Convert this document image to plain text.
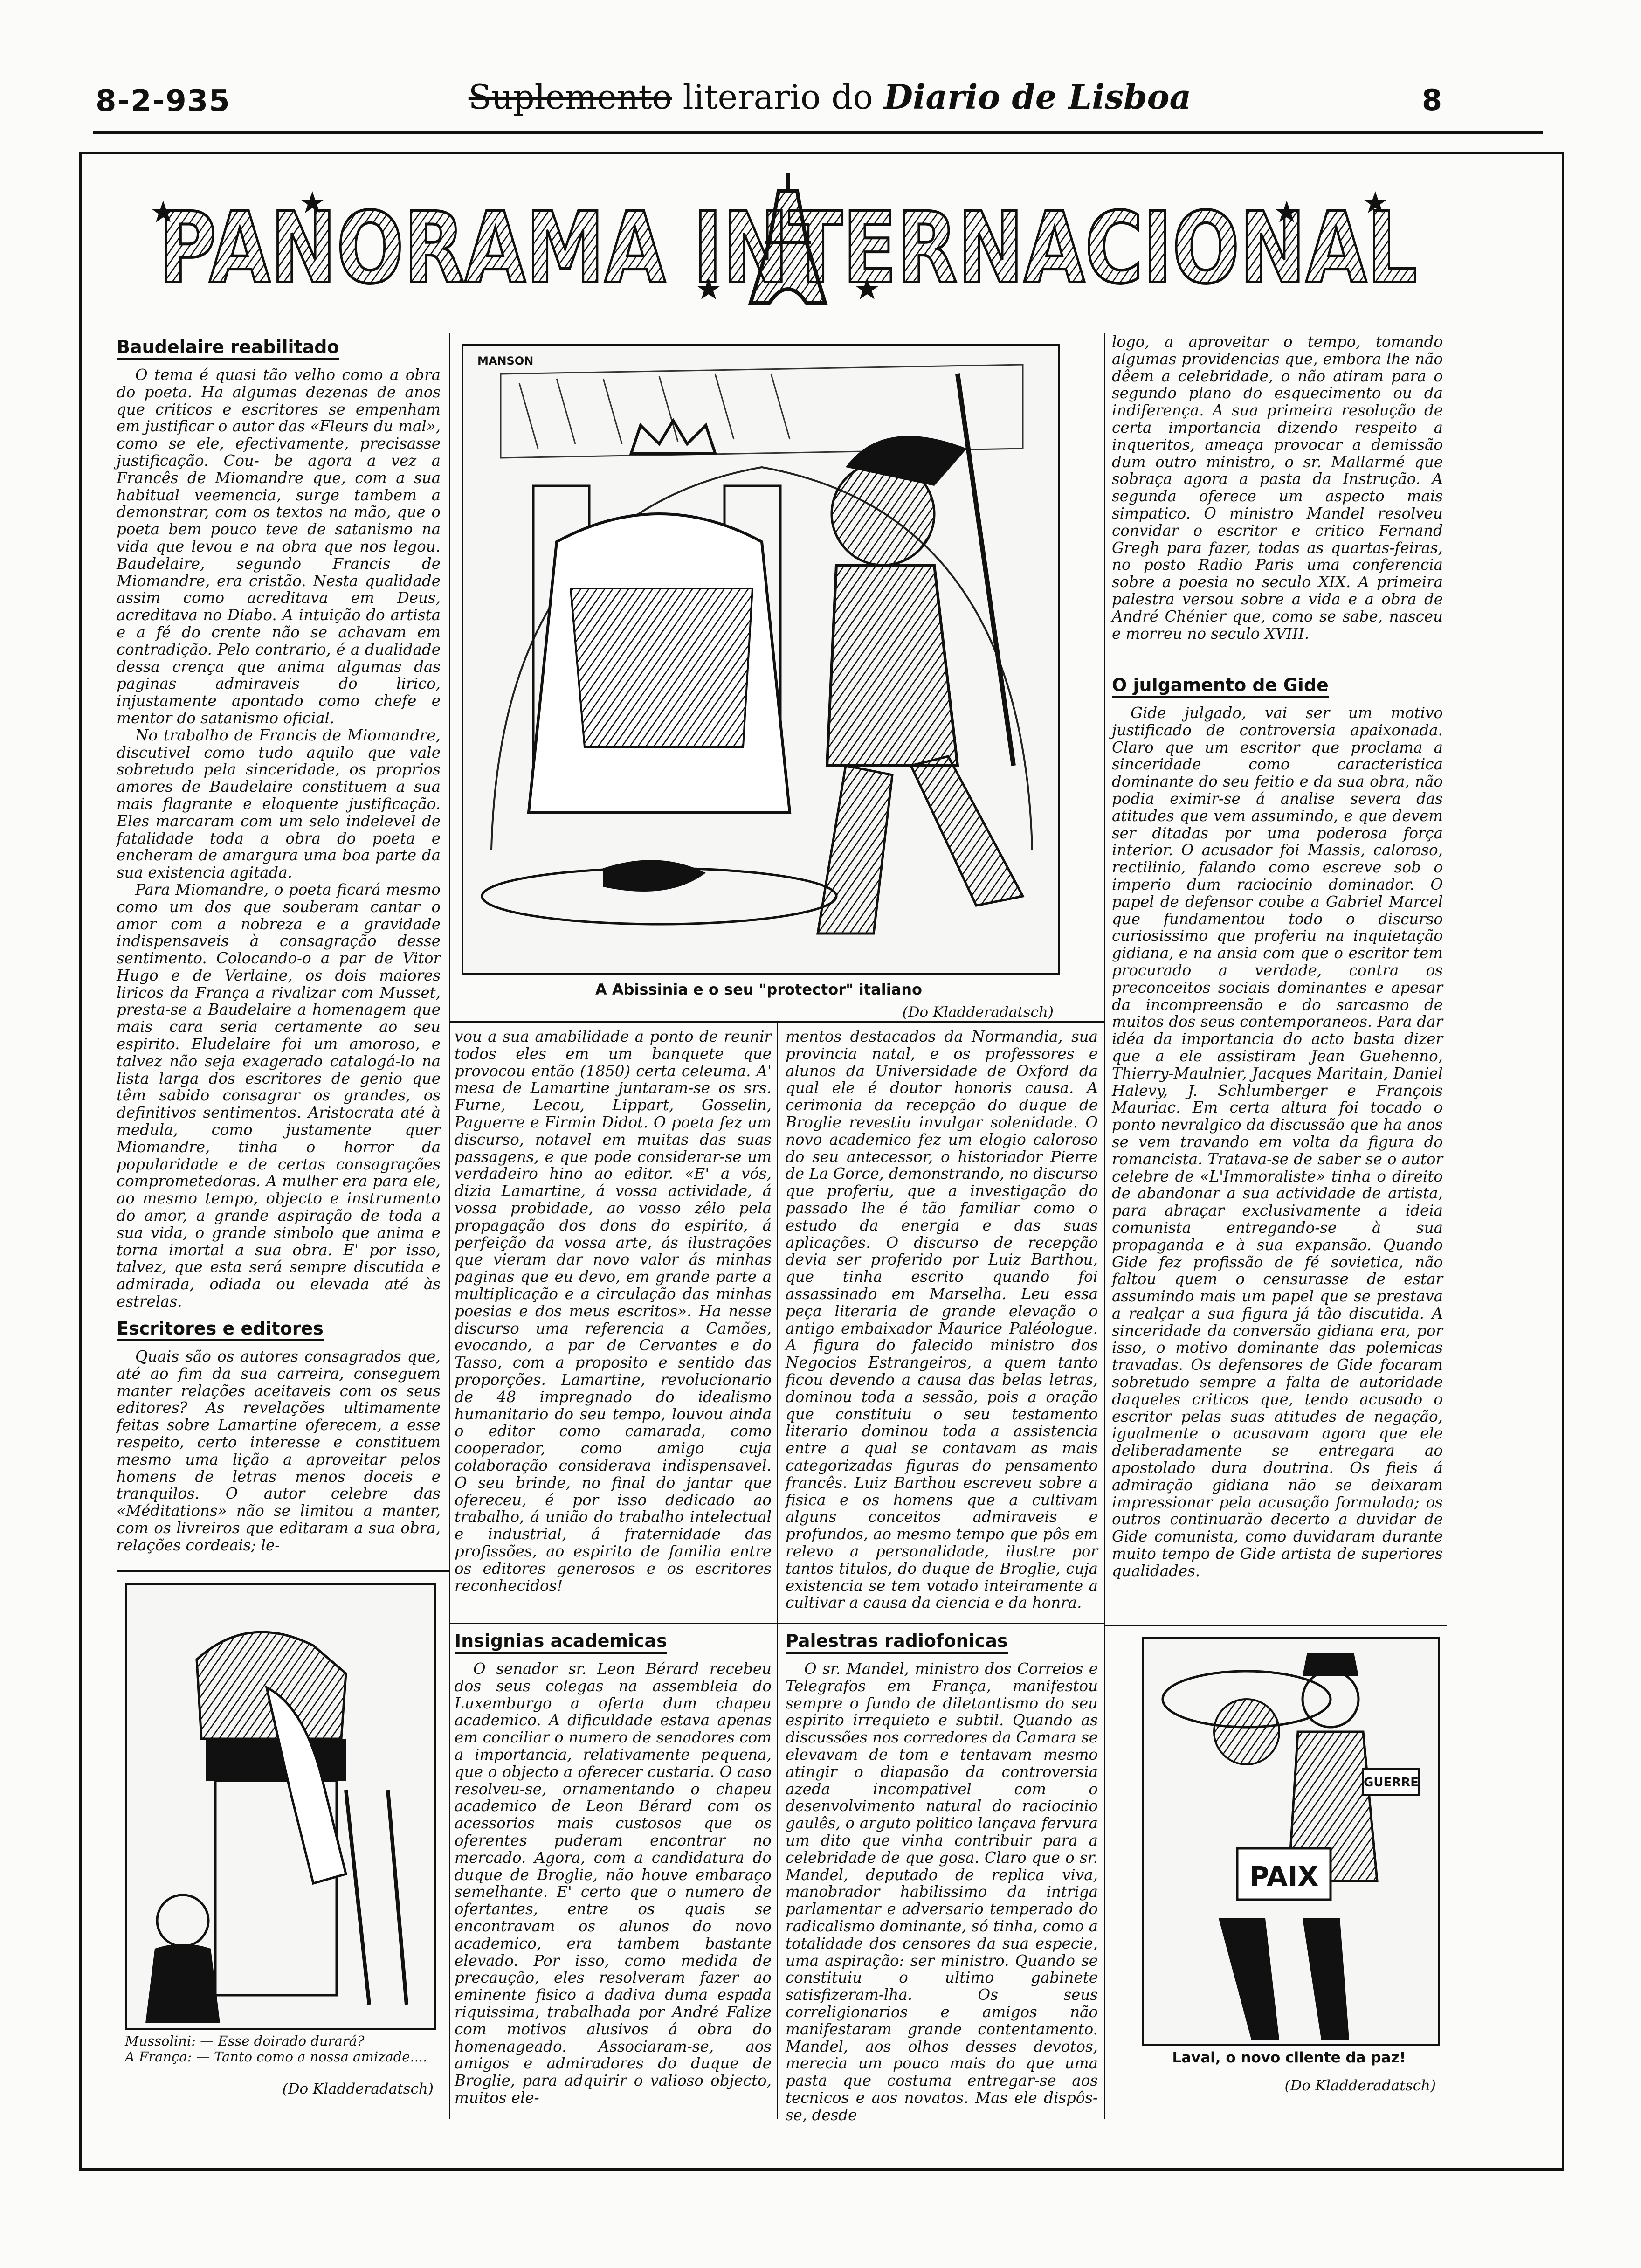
8-2-935	Suplemento literario do Diario de Lisboa	8
PANORAMA INTERNACIONAL
Baudelaire reabilitado

O tema é quasi tão velho como a obra do poeta. Ha algumas dezenas de anos que criticos e escritores se empenham em justificar o autor das «Fleurs du mal», como se ele, efectivamente, precisasse justificação. Cou- be agora a vez a Francês de Miomandre que, com a sua habitual veemencia, surge tambem a demonstrar, com os textos na mão, que o poeta bem pouco teve de satanismo na vida que levou e na obra que nos legou. Baudelaire, segundo Francis de Miomandre, era cristão. Nesta qualidade assim como acreditava em Deus, acreditava no Diabo. A intuição do artista e a fé do crente não se achavam em contradição. Pelo contrario, é a dualidade dessa crença que anima algumas das paginas admiraveis do lirico, injustamente apontado como chefe e mentor do satanismo oficial.

No trabalho de Francis de Miomandre, discutivel como tudo aquilo que vale sobretudo pela sinceridade, os proprios amores de Baudelaire constituem a sua mais flagrante e eloquente justificação. Eles marcaram com um selo indelevel de fatalidade toda a obra do poeta e encheram de amargura uma boa parte da sua existencia agitada.

Para Miomandre, o poeta ficará mesmo como um dos que souberam cantar o amor com a nobreza e a gravidade indispensaveis à consagração desse sentimento. Colocando-o a par de Vitor Hugo e de Verlaine, os dois maiores liricos da França a rivalizar com Musset, presta-se a Baudelaire a homenagem que mais cara seria certamente ao seu espirito. Eludelaire foi um amoroso, e talvez não seja exagerado catalogá-lo na lista larga dos escritores de genio que têm sabido consagrar os grandes, os definitivos sentimentos. Aristocrata até à medula, como justamente quer Miomandre, tinha o horror da popularidade e de certas consagrações comprometedoras. A mulher era para ele, ao mesmo tempo, objecto e instrumento do amor, a grande aspiração de toda a sua vida, o grande simbolo que anima e torna imortal a sua obra. E' por isso, talvez, que esta será sempre discutida e admirada, odiada ou elevada até às estrelas.

Escritores e editores

Quais são os autores consagrados que, até ao fim da sua carreira, conseguem manter relações aceitaveis com os seus editores? As revelações ultimamente feitas sobre Lamartine oferecem, a esse respeito, certo interesse e constituem mesmo uma lição a aproveitar pelos homens de letras menos doceis e tranquilos. O autor celebre das «Méditations» não se limitou a manter, com os livreiros que editaram a sua obra, relações cordeais; le-

MANSON
A Abissinia e o seu "protector" italiano
(Do Kladderadatsch)

vou a sua amabilidade a ponto de reunir todos eles em um banquete que provocou então (1850) certa celeuma. A' mesa de Lamartine juntaram-se os srs. Furne, Lecou, Lippart, Gosselin, Paguerre e Firmin Didot. O poeta fez um discurso, notavel em muitas das suas passagens, e que pode considerar-se um verdadeiro hino ao editor. «E' a vós, dizia Lamartine, á vossa actividade, á vossa probidade, ao vosso zêlo pela propagação dos dons do espirito, á perfeição da vossa arte, ás ilustrações que vieram dar novo valor ás minhas paginas que eu devo, em grande parte a multiplicação e a circulação das minhas poesias e dos meus escritos». Ha nesse discurso uma referencia a Camões, evocando, a par de Cervantes e do Tasso, com a proposito e sentido das proporções. Lamartine, revolucionario de 48 impregnado do idealismo humanitario do seu tempo, louvou ainda o editor como camarada, como cooperador, como amigo cuja colaboração considerava indispensavel. O seu brinde, no final do jantar que ofereceu, é por isso dedicado ao trabalho, á união do trabalho intelectual e industrial, á fraternidade das profissões, ao espirito de familia entre os editores generosos e os escritores reconhecidos!

mentos destacados da Normandia, sua provincia natal, e os professores e alunos da Universidade de Oxford da qual ele é doutor honoris causa. A cerimonia da recepção do duque de Broglie revestiu invulgar solenidade. O novo academico fez um elogio caloroso do seu antecessor, o historiador Pierre de La Gorce, demonstrando, no discurso que proferiu, que a investigação do passado lhe é tão familiar como o estudo da energia e das suas aplicações. O discurso de recepção devia ser proferido por Luiz Barthou, que tinha escrito quando foi assassinado em Marselha. Leu essa peça literaria de grande elevação o antigo embaixador Maurice Paléologue. A figura do falecido ministro dos Negocios Estrangeiros, a quem tanto ficou devendo a causa das belas letras, dominou toda a sessão, pois a oração que constituiu o seu testamento literario dominou toda a assistencia entre a qual se contavam as mais categorizadas figuras do pensamento francês. Luiz Barthou escreveu sobre a fisica e os homens que a cultivam alguns conceitos admiraveis e profundos, ao mesmo tempo que pôs em relevo a personalidade, ilustre por tantos titulos, do duque de Broglie, cuja existencia se tem votado inteiramente a cultivar a causa da ciencia e da honra.

Insignias academicas

O senador sr. Leon Bérard recebeu dos seus colegas na assembleia do Luxemburgo a oferta dum chapeu academico. A dificuldade estava apenas em conciliar o numero de senadores com a importancia, relativamente pequena, que o objecto a oferecer custaria. O caso resolveu-se, ornamentando o chapeu academico de Leon Bérard com os acessorios mais custosos que os oferentes puderam encontrar no mercado. Agora, com a candidatura do duque de Broglie, não houve embaraço semelhante. E' certo que o numero de ofertantes, entre os quais se encontravam os alunos do novo academico, era tambem bastante elevado. Por isso, como medida de precaução, eles resolveram fazer ao eminente fisico a dadiva duma espada riquissima, trabalhada por André Falize com motivos alusivos á obra do homenageado. Associaram-se, aos amigos e admiradores do duque de Broglie, para adquirir o valioso objecto, muitos ele-

Palestras radiofonicas

O sr. Mandel, ministro dos Correios e Telegrafos em França, manifestou sempre o fundo de diletantismo do seu espirito irrequieto e subtil. Quando as discussões nos corredores da Camara se elevavam de tom e tentavam mesmo atingir o diapasão da controversia azeda incompativel com o desenvolvimento natural do raciocinio gaulês, o arguto politico lançava fervura um dito que vinha contribuir para a celebridade de que gosa. Claro que o sr. Mandel, deputado de replica viva, manobrador habilissimo da intriga parlamentar e adversario temperado do radicalismo dominante, só tinha, como a totalidade dos censores da sua especie, uma aspiração: ser ministro. Quando se constituiu o ultimo gabinete satisfizeram-lha. Os seus correligionarios e amigos não manifestaram grande contentamento. Mandel, aos olhos desses devotos, merecia um pouco mais do que uma pasta que costuma entregar-se aos tecnicos e aos novatos. Mas ele dispôs-se, desde

logo, a aproveitar o tempo, tomando algumas providencias que, embora lhe não dêem a celebridade, o não atiram para o segundo plano do esquecimento ou da indiferença. A sua primeira resolução de certa importancia dizendo respeito a inqueritos, ameaça provocar a demissão dum outro ministro, o sr. Mallarmé que sobraça agora a pasta da Instrução. A segunda oferece um aspecto mais simpatico. O ministro Mandel resolveu convidar o escritor e critico Fernand Gregh para fazer, todas as quartas-feiras, no posto Radio Paris uma conferencia sobre a poesia no seculo XIX. A primeira palestra versou sobre a vida e a obra de André Chénier que, como se sabe, nasceu e morreu no seculo XVIII.

O julgamento de Gide

Gide julgado, vai ser um motivo justificado de controversia apaixonada. Claro que um escritor que proclama a sinceridade como caracteristica dominante do seu feitio e da sua obra, não podia eximir-se á analise severa das atitudes que vem assumindo, e que devem ser ditadas por uma poderosa força interior. O acusador foi Massis, caloroso, rectilinio, falando como escreve sob o imperio dum raciocinio dominador. O papel de defensor coube a Gabriel Marcel que fundamentou todo o discurso curiosissimo que proferiu na inquietação gidiana, e na ansia com que o escritor tem procurado a verdade, contra os preconceitos sociais dominantes e apesar da incompreensão e do sarcasmo de muitos dos seus contemporaneos. Para dar idéa da importancia do acto basta dizer que a ele assistiram Jean Guehenno, Thierry-Maulnier, Jacques Maritain, Daniel Halevy, J. Schlumberger e François Mauriac. Em certa altura foi tocado o ponto nevralgico da discussão que ha anos se vem travando em volta da figura do romancista. Tratava-se de saber se o autor celebre de «L'Immoraliste» tinha o direito de abandonar a sua actividade de artista, para abraçar exclusivamente a ideia comunista entregando-se à sua propaganda e à sua expansão. Quando Gide fez profissão de fé sovietica, não faltou quem o censurasse de estar assumindo mais um papel que se prestava a realçar a sua figura já tão discutida. A sinceridade da conversão gidiana era, por isso, o motivo dominante das polemicas travadas. Os defensores de Gide focaram sobretudo sempre a falta de autoridade daqueles criticos que, tendo acusado o escritor pelas suas atitudes de negação, igualmente o acusavam agora que ele deliberadamente se entregara ao apostolado dura doutrina. Os fieis á admiração gidiana não se deixaram impressionar pela acusação formulada; os outros continuarão decerto a duvidar de Gide comunista, como duvidaram durante muito tempo de Gide artista de superiores qualidades.

Mussolini: — Esse doirado durará?
A França: — Tanto como a nossa amizade....
(Do Kladderadatsch)
GUERRE
PAIX
Laval, o novo cliente da paz!
(Do Kladderadatsch)
